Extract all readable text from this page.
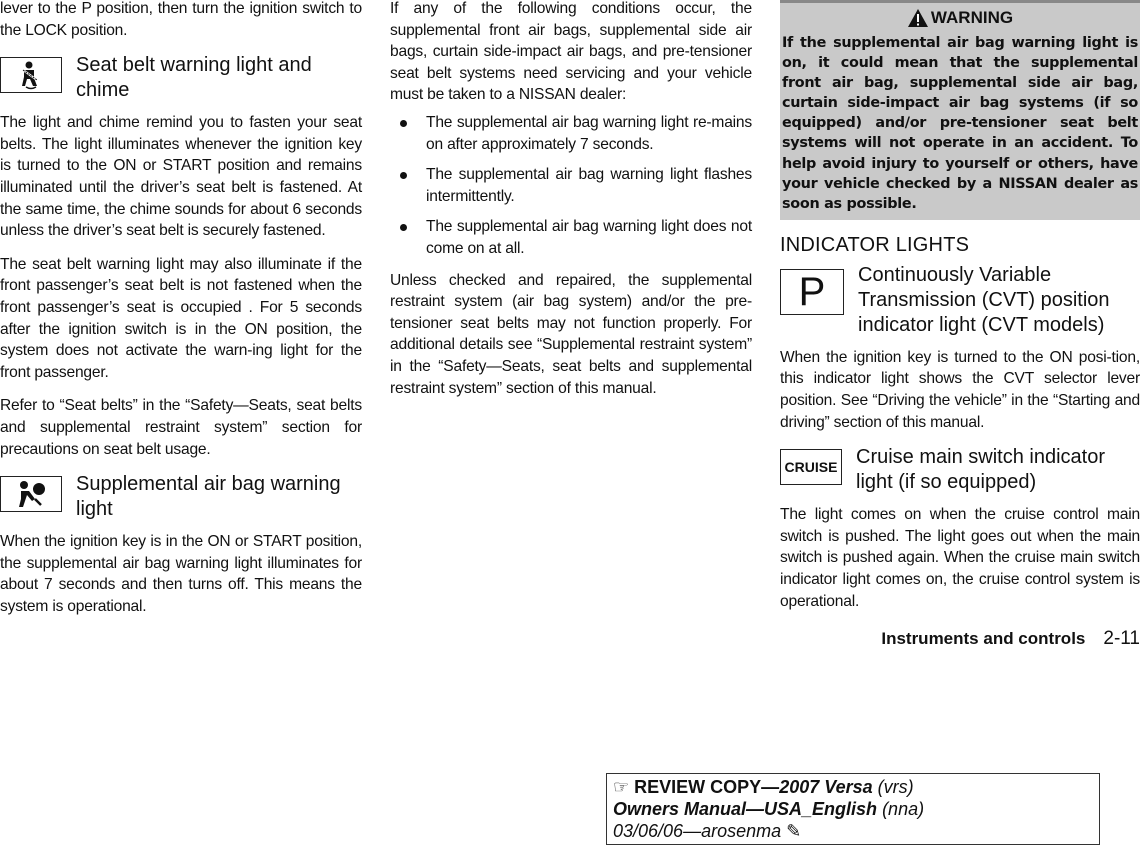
lever to the P position, then turn the ignition switch to the LOCK position.

Seat belt warning light and chime

The light and chime remind you to fasten your seat belts. The light illuminates whenever the ignition key is turned to the ON or START position and remains illuminated until the driver’s seat belt is fastened. At the same time, the chime sounds for about 6 seconds unless the driver’s seat belt is securely fastened.

The seat belt warning light may also illuminate if the front passenger’s seat belt is not fastened when the front passenger’s seat is occupied . For 5 seconds after the ignition switch is in the ON position, the system does not activate the warn-ing light for the front passenger.

Refer to “Seat belts” in the “Safety—Seats, seat belts and supplemental restraint system” section for precautions on seat belt usage.

Supplemental air bag warning light

When the ignition key is in the ON or START position, the supplemental air bag warning light illuminates for about 7 seconds and then turns off. This means the system is operational.

If any of the following conditions occur, the supplemental front air bags, supplemental side air bags, curtain side-impact air bags, and pre-tensioner seat belt systems need servicing and your vehicle must be taken to a NISSAN dealer:

The supplemental air bag warning light re-mains on after approximately 7 seconds.
The supplemental air bag warning light flashes intermittently.
The supplemental air bag warning light does not come on at all.

Unless checked and repaired, the supplemental restraint system (air bag system) and/or the pre-tensioner seat belts may not function properly. For additional details see “Supplemental restraint system” in the “Safety—Seats, seat belts and supplemental restraint system” section of this manual.

WARNING
If the supplemental air bag warning light is on, it could mean that the supplemental front air bag, supplemental side air bag, curtain side-impact air bag systems (if so equipped) and/or pre-tensioner seat belt systems will not operate in an accident. To help avoid injury to yourself or others, have your vehicle checked by a NISSAN dealer as soon as possible.
INDICATOR LIGHTS
P Continuously Variable Transmission (CVT) position indicator light (CVT models)

When the ignition key is turned to the ON posi-tion, this indicator light shows the CVT selector lever position. See “Driving the vehicle” in the “Starting and driving” section of this manual.

CRUISE Cruise main switch indicator light (if so equipped)

The light comes on when the cruise control main switch is pushed. The light goes out when the main switch is pushed again. When the cruise main switch indicator light comes on, the cruise control system is operational.

Instruments and controls 2-11
☞ REVIEW COPY—2007 Versa (vrs)
Owners Manual—USA_English (nna)
03/06/06—arosenma ✎
